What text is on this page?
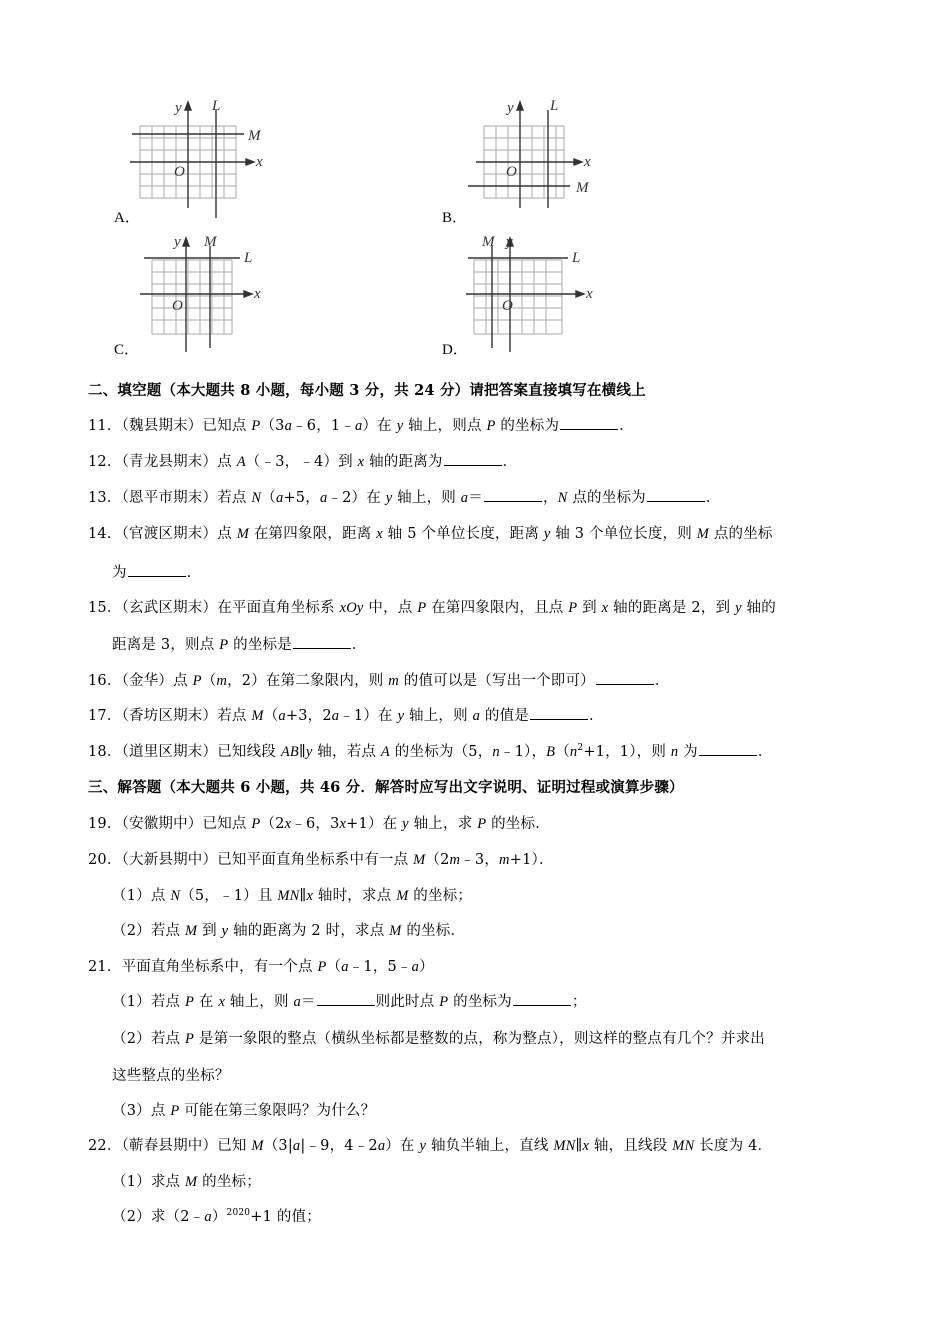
A．
y L
M
x
O
B．
y L
M
x
O
C．
y M
L
x
O
D．
M y
L
x
O
二、填空题（本大题共 8 小题，每小题 3 分，共 24 分）请把答案直接填写在横线上
11．（魏县期末）已知点 P（3a﹣6，1﹣a）在 y 轴上，则点 P 的坐标为	．
12．（青龙县期末）点 A（﹣3，﹣4）到 x 轴的距离为	．
13．（恩平市期末）若点 N（a+5，a﹣2）在 y 轴上，则 a＝	，N 点的坐标为	．
14．（官渡区期末）点 M 在第四象限，距离 x 轴 5 个单位长度，距离 y 轴 3 个单位长度，则 M 点的坐标
为	．
15．（玄武区期末）在平面直角坐标系 xOy 中，点 P 在第四象限内，且点 P 到 x 轴的距离是 2，到 y 轴的
距离是 3，则点 P 的坐标是	．
16．（金华）点 P（m，2）在第二象限内，则 m 的值可以是（写出一个即可）	．
17．（香坊区期末）若点 M（a+3，2a﹣1）在 y 轴上，则 a 的值是	．
18．（道里区期末）已知线段 AB∥y 轴，若点 A 的坐标为（5，n﹣1），$B(n^2+1$，1），则 n 为	．
三、解答题（本大题共 6 小题，共 46 分．解答时应写出文字说明、证明过程或演算步骤）
19．（安徽期中）已知点 P（2x﹣6，3x+1）在 y 轴上，求 P 的坐标．
20．（大新县期中）已知平面直角坐标系中有一点 M（2m﹣3，m+1）．
（1）点 N（5，﹣1）且 MN∥x 轴时，求点 M 的坐标；
（2）若点 M 到 y 轴的距离为 2 时，求点 M 的坐标．
21．平面直角坐标系中，有一个点 P（a﹣1，5﹣a）
（1）若点 P 在 x 轴上，则 a＝	则此时点 P 的坐标为	；
（2）若点 P 是第一象限的整点（横纵坐标都是整数的点，称为整点），则这样的整点有几个？并求出
这些整点的坐标？
（3）点 P 可能在第三象限吗？为什么？
22．（蕲春县期中）已知 M（3|a|﹣9，4﹣2a）在 y 轴负半轴上，直线 MN∥x 轴，且线段 MN 长度为 4．
（1）求点 M 的坐标；
（2）求（2﹣a）$^{2020}$+1 的值；
